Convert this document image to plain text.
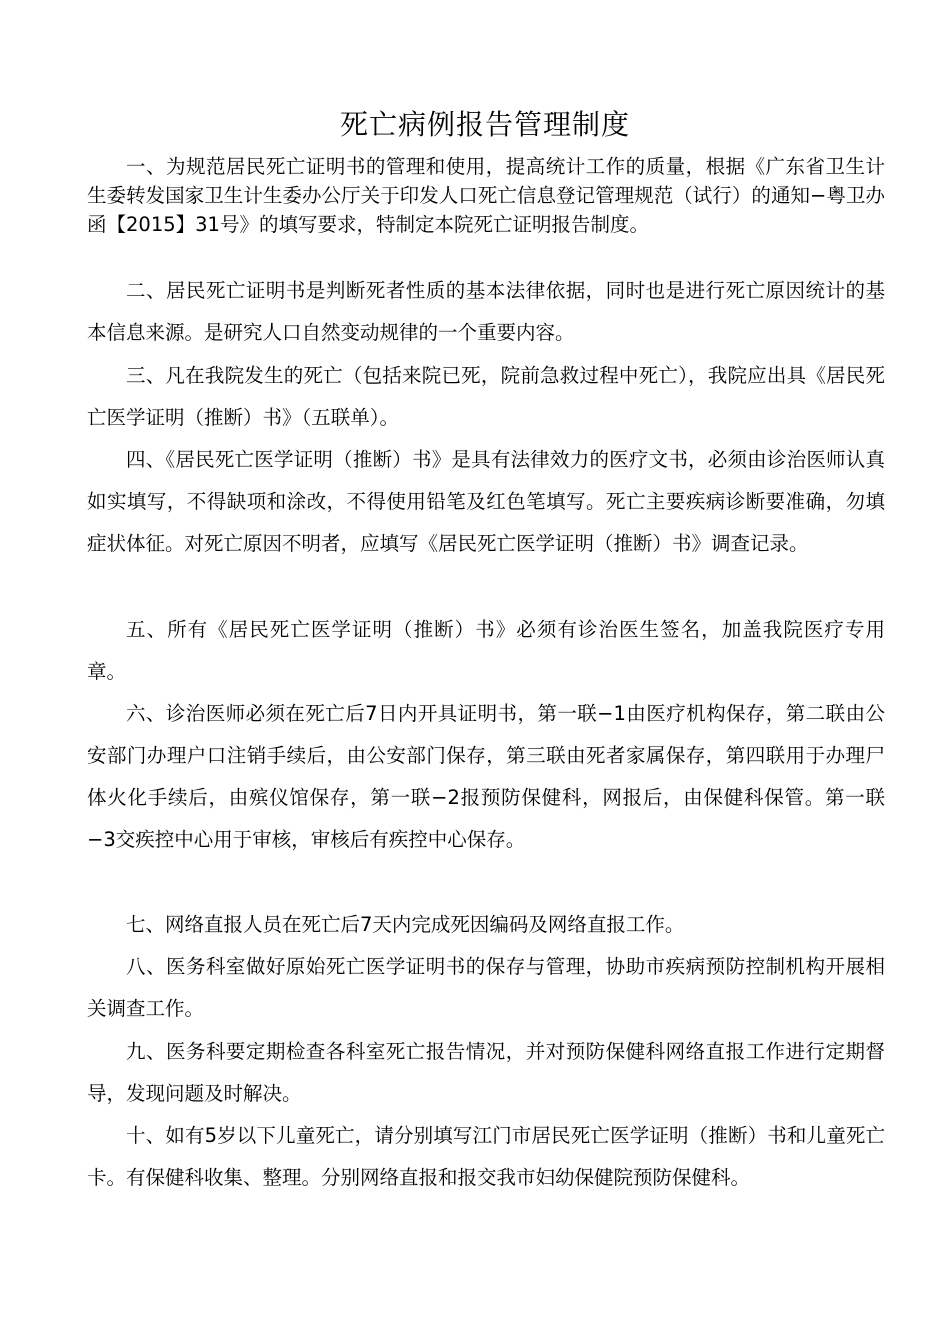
死亡病例报告管理制度

一、为规范居民死亡证明书的管理和使用，提高统计工作的质量，根据《广东省卫生计生委转发国家卫生计生委办公厅关于印发人口死亡信息登记管理规范（试行）的通知−粤卫办函【2015】31号》的填写要求，特制定本院死亡证明报告制度。

二、居民死亡证明书是判断死者性质的基本法律依据，同时也是进行死亡原因统计的基本信息来源。是研究人口自然变动规律的一个重要内容。

三、凡在我院发生的死亡（包括来院已死，院前急救过程中死亡），我院应出具《居民死亡医学证明（推断）书》（五联单）。

四、《居民死亡医学证明（推断）书》是具有法律效力的医疗文书，必须由诊治医师认真如实填写，不得缺项和涂改，不得使用铅笔及红色笔填写。死亡主要疾病诊断要准确，勿填症状体征。对死亡原因不明者，应填写《居民死亡医学证明（推断）书》调查记录。

五、所有《居民死亡医学证明（推断）书》必须有诊治医生签名，加盖我院医疗专用章。

六、诊治医师必须在死亡后7日内开具证明书，第一联−1由医疗机构保存，第二联由公安部门办理户口注销手续后，由公安部门保存，第三联由死者家属保存，第四联用于办理尸体火化手续后，由殡仪馆保存，第一联−2报预防保健科，网报后，由保健科保管。第一联−3交疾控中心用于审核，审核后有疾控中心保存。

七、网络直报人员在死亡后7天内完成死因编码及网络直报工作。

八、医务科室做好原始死亡医学证明书的保存与管理，协助市疾病预防控制机构开展相关调查工作。

九、医务科要定期检查各科室死亡报告情况，并对预防保健科网络直报工作进行定期督导，发现问题及时解决。

十、如有5岁以下儿童死亡，请分别填写江门市居民死亡医学证明（推断）书和儿童死亡卡。有保健科收集、整理。分别网络直报和报交我市妇幼保健院预防保健科。
